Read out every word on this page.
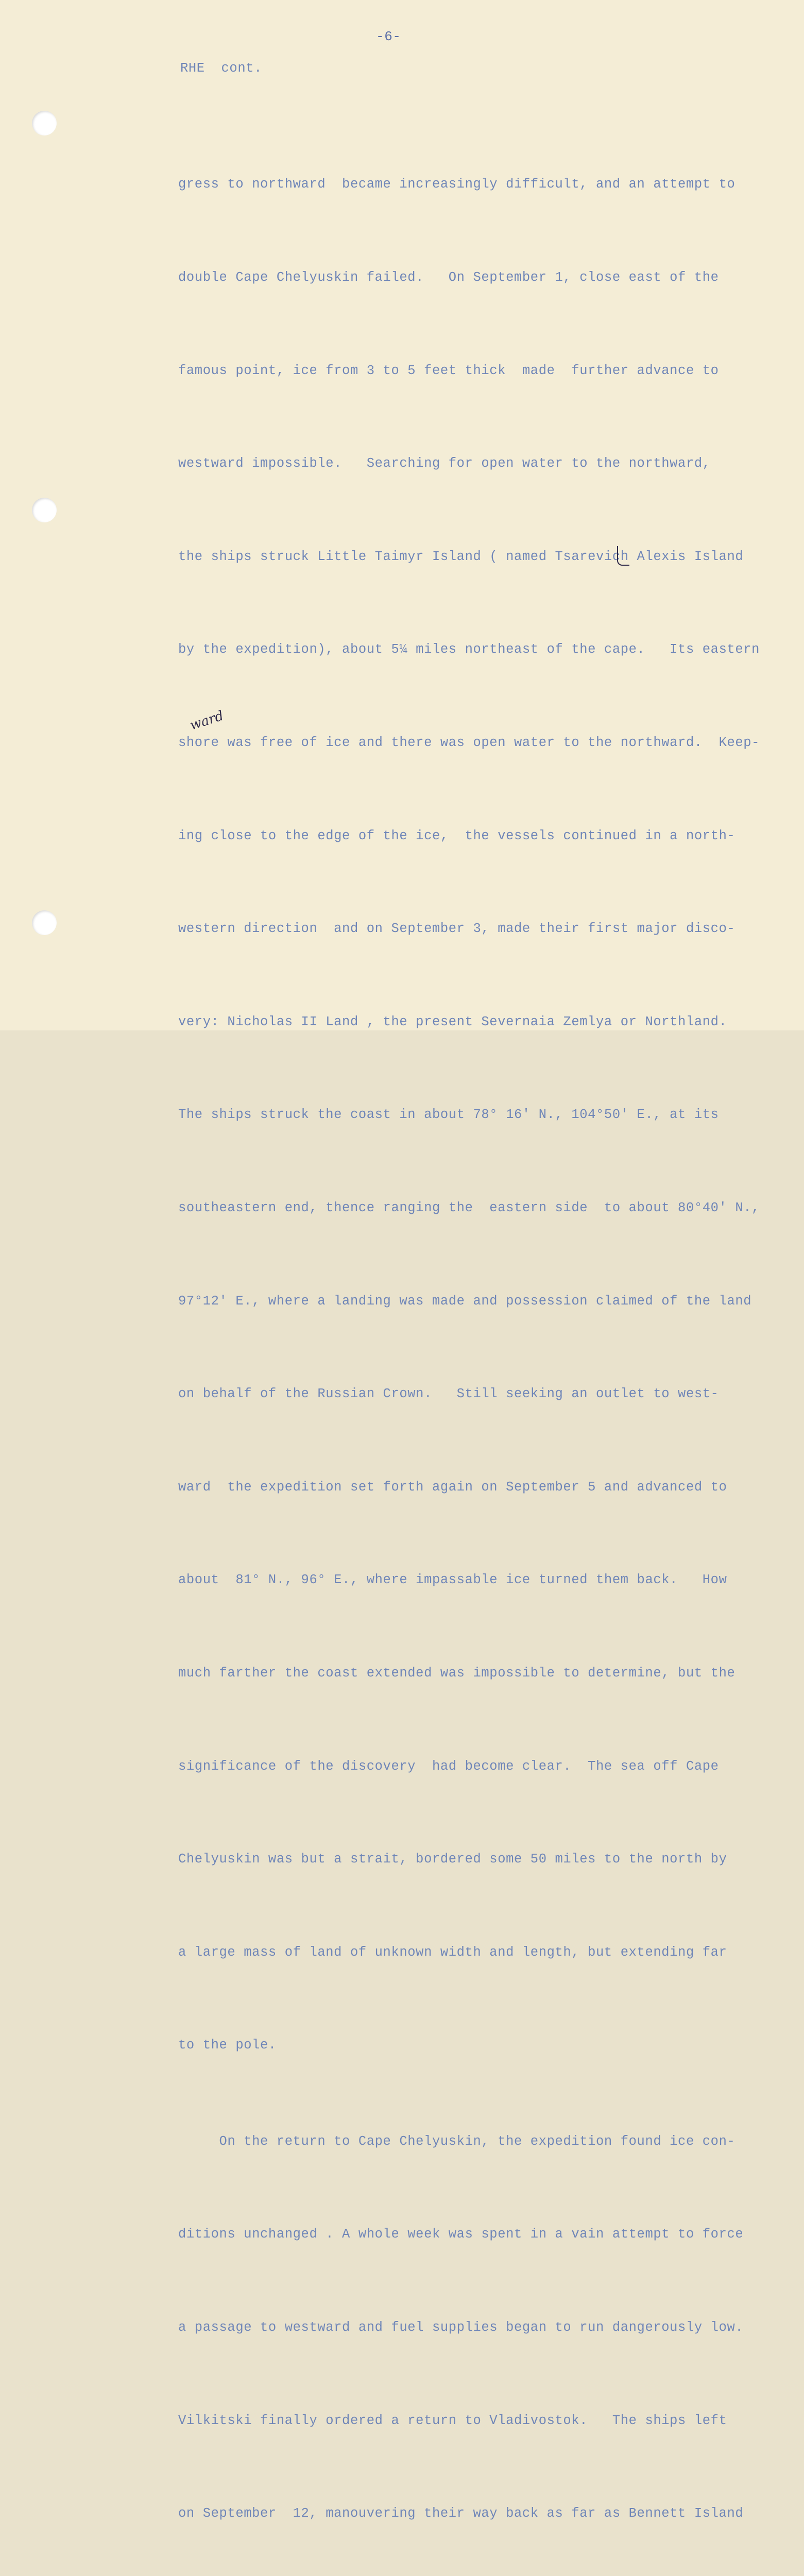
-6-
RHE  cont.

gress to northward  became increasingly difficult, and an attempt to

double Cape Chelyuskin failed.   On September 1, close east of the

famous point, ice from 3 to 5 feet thick  made  further advance to

westward impossible.   Searching for open water to the northward,

the ships struck Little Taimyr Island ( named Tsarevich Alexis Island

by the expedition), about 5¼ miles northeast of the cape.   Its eastern

shore was free of ice and there was open water to the northward.  Keep-

ing close to the edge of the ice,  the vessels continued in a north-

western direction  and on September 3, made their first major disco-

very: Nicholas II Land , the present Severnaia Zemlya or Northland.

The ships struck the coast in about 78° 16' N., 104°50' E., at its

southeastern end, thence ranging the  eastern side  to about 80°40' N.,

97°12' E., where a landing was made and possession claimed of the land

on behalf of the Russian Crown.   Still seeking an outlet to west-

ward  the expedition set forth again on September 5 and advanced to

about  81° N., 96° E., where impassable ice turned them back.   How

much farther the coast extended was impossible to determine, but the

significance of the discovery  had become clear.  The sea off Cape

Chelyuskin was but a strait, bordered some 50 miles to the north by

a large mass of land of unknown width and length, but extending far

to the pole.

On the return to Cape Chelyuskin, the expedition found ice con-

ditions unchanged . A whole week was spent in a vain attempt to force

a passage to westward and fuel supplies began to run dangerously low.

Vilkitski finally ordered a return to Vladivostok.   The ships left

on September  12, manouvering their way back as far as Bennett Island

ward
